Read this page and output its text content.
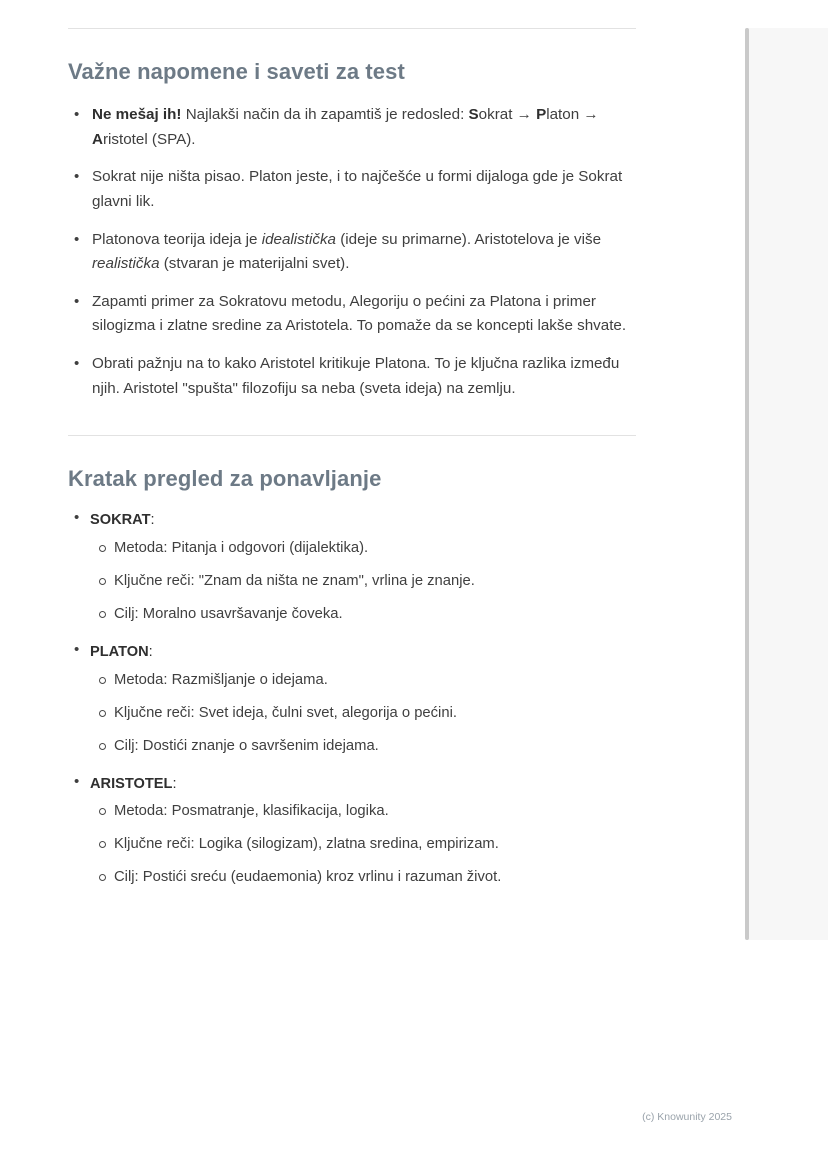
Važne napomene i saveti za test
• Ne mešaj ih! Najlakši način da ih zapamtiš je redosled: Sokrat → Platon → Aristotel (SPA).
• Sokrat nije ništa pisao. Platon jeste, i to najčešće u formi dijaloga gde je Sokrat glavni lik.
• Platonova teorija ideja je idealistička (ideje su primarne). Aristotelova je više realistička (stvaran je materijalni svet).
• Zapamti primer za Sokratovu metodu, Alegoriju o pećini za Platona i primer silogizma i zlatne sredine za Aristotela. To pomaže da se koncepti lakše shvate.
• Obrati pažnju na to kako Aristotel kritikuje Platona. To je ključna razlika između njih. Aristotel "spušta" filozofiju sa neba (sveta ideja) na zemlju.
Kratak pregled za ponavljanje
• SOKRAT:
Metoda: Pitanja i odgovori (dijalektika).
Ključne reči: "Znam da ništa ne znam", vrlina je znanje.
Cilj: Moralno usavršavanje čoveka.
• PLATON:
Metoda: Razmišljanje o idejama.
Ključne reči: Svet ideja, čulni svet, alegorija o pećini.
Cilj: Dostići znanje o savršenim idejama.
• ARISTOTEL:
Metoda: Posmatranje, klasifikacija, logika.
Ključne reči: Logika (silogizam), zlatna sredina, empirizam.
Cilj: Postići sreću (eudaemonia) kroz vrlinu i razuman život.
(c) Knowunity 2025
